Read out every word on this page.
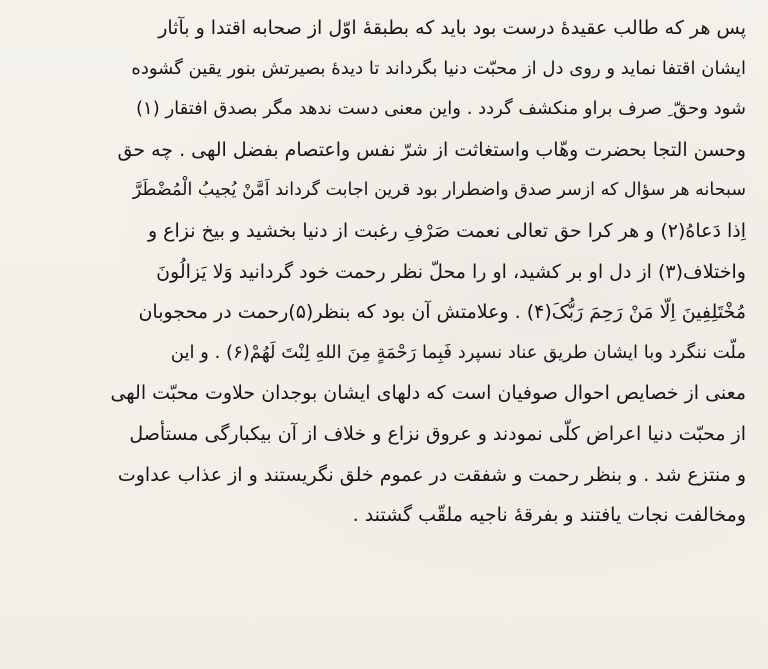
پس هر که طالب عقیدهٔ درست بود باید که بطبقهٔ اوّل از صحابه اقتدا و بآثار
ایشان اقتفا نماید و روی دل از محبّت دنیا بگرداند تا دیدهٔ بصیرتش بنور یقین گشوده
شود وحقّ ِ صرف براو منکشف گردد . واین معنی دست ندهد مگر بصدق افتقار (۱)
وحسن التجا بحضرت وهّاب واستغاثت از شرّ نفس واعتصام بفضل الهی . چه حق
سبحانه هر سؤال که ازسر صدق واضطرار بود قرین اجابت گرداند اَمَّنْ یُجیبُ الْمُضْطَرَّ
اِذا دَعاهُ(۲) و هر کرا حق تعالی نعمت صَرْفِ رغبت از دنیا بخشید و بیخ نزاع و
واختلاف(۳) از دل او بر کشید، او را محلّ نظر رحمت خود گردانید وَلا یَزالُونَ
مُخْتَلِفِینَ اِلّا مَنْ رَحِمَ رَبُّکَ(۴) . وعلامتش آن بود که بنظر(۵)رحمت در محجوبان
ملّت ننگرد وبا ایشان طریق عناد نسپرد فَبِما رَحْمَةٍ مِنَ اللهِ لِنْتَ لَهُمْ(۶) . و این
معنی از خصایص احوال صوفیان است که دلهای ایشان بوجدان حلاوت محبّت الهی
از محبّت دنیا اعراض کلّی نمودند و عروق نزاع و خلاف از آن بیکبارگی مستأصل
و منتزع شد . و بنظر رحمت و شفقت در عموم خلق نگریستند و از عذاب عداوت
ومخالفت نجات یافتند و بفرقهٔ ناجیه ملقّب گشتند .
